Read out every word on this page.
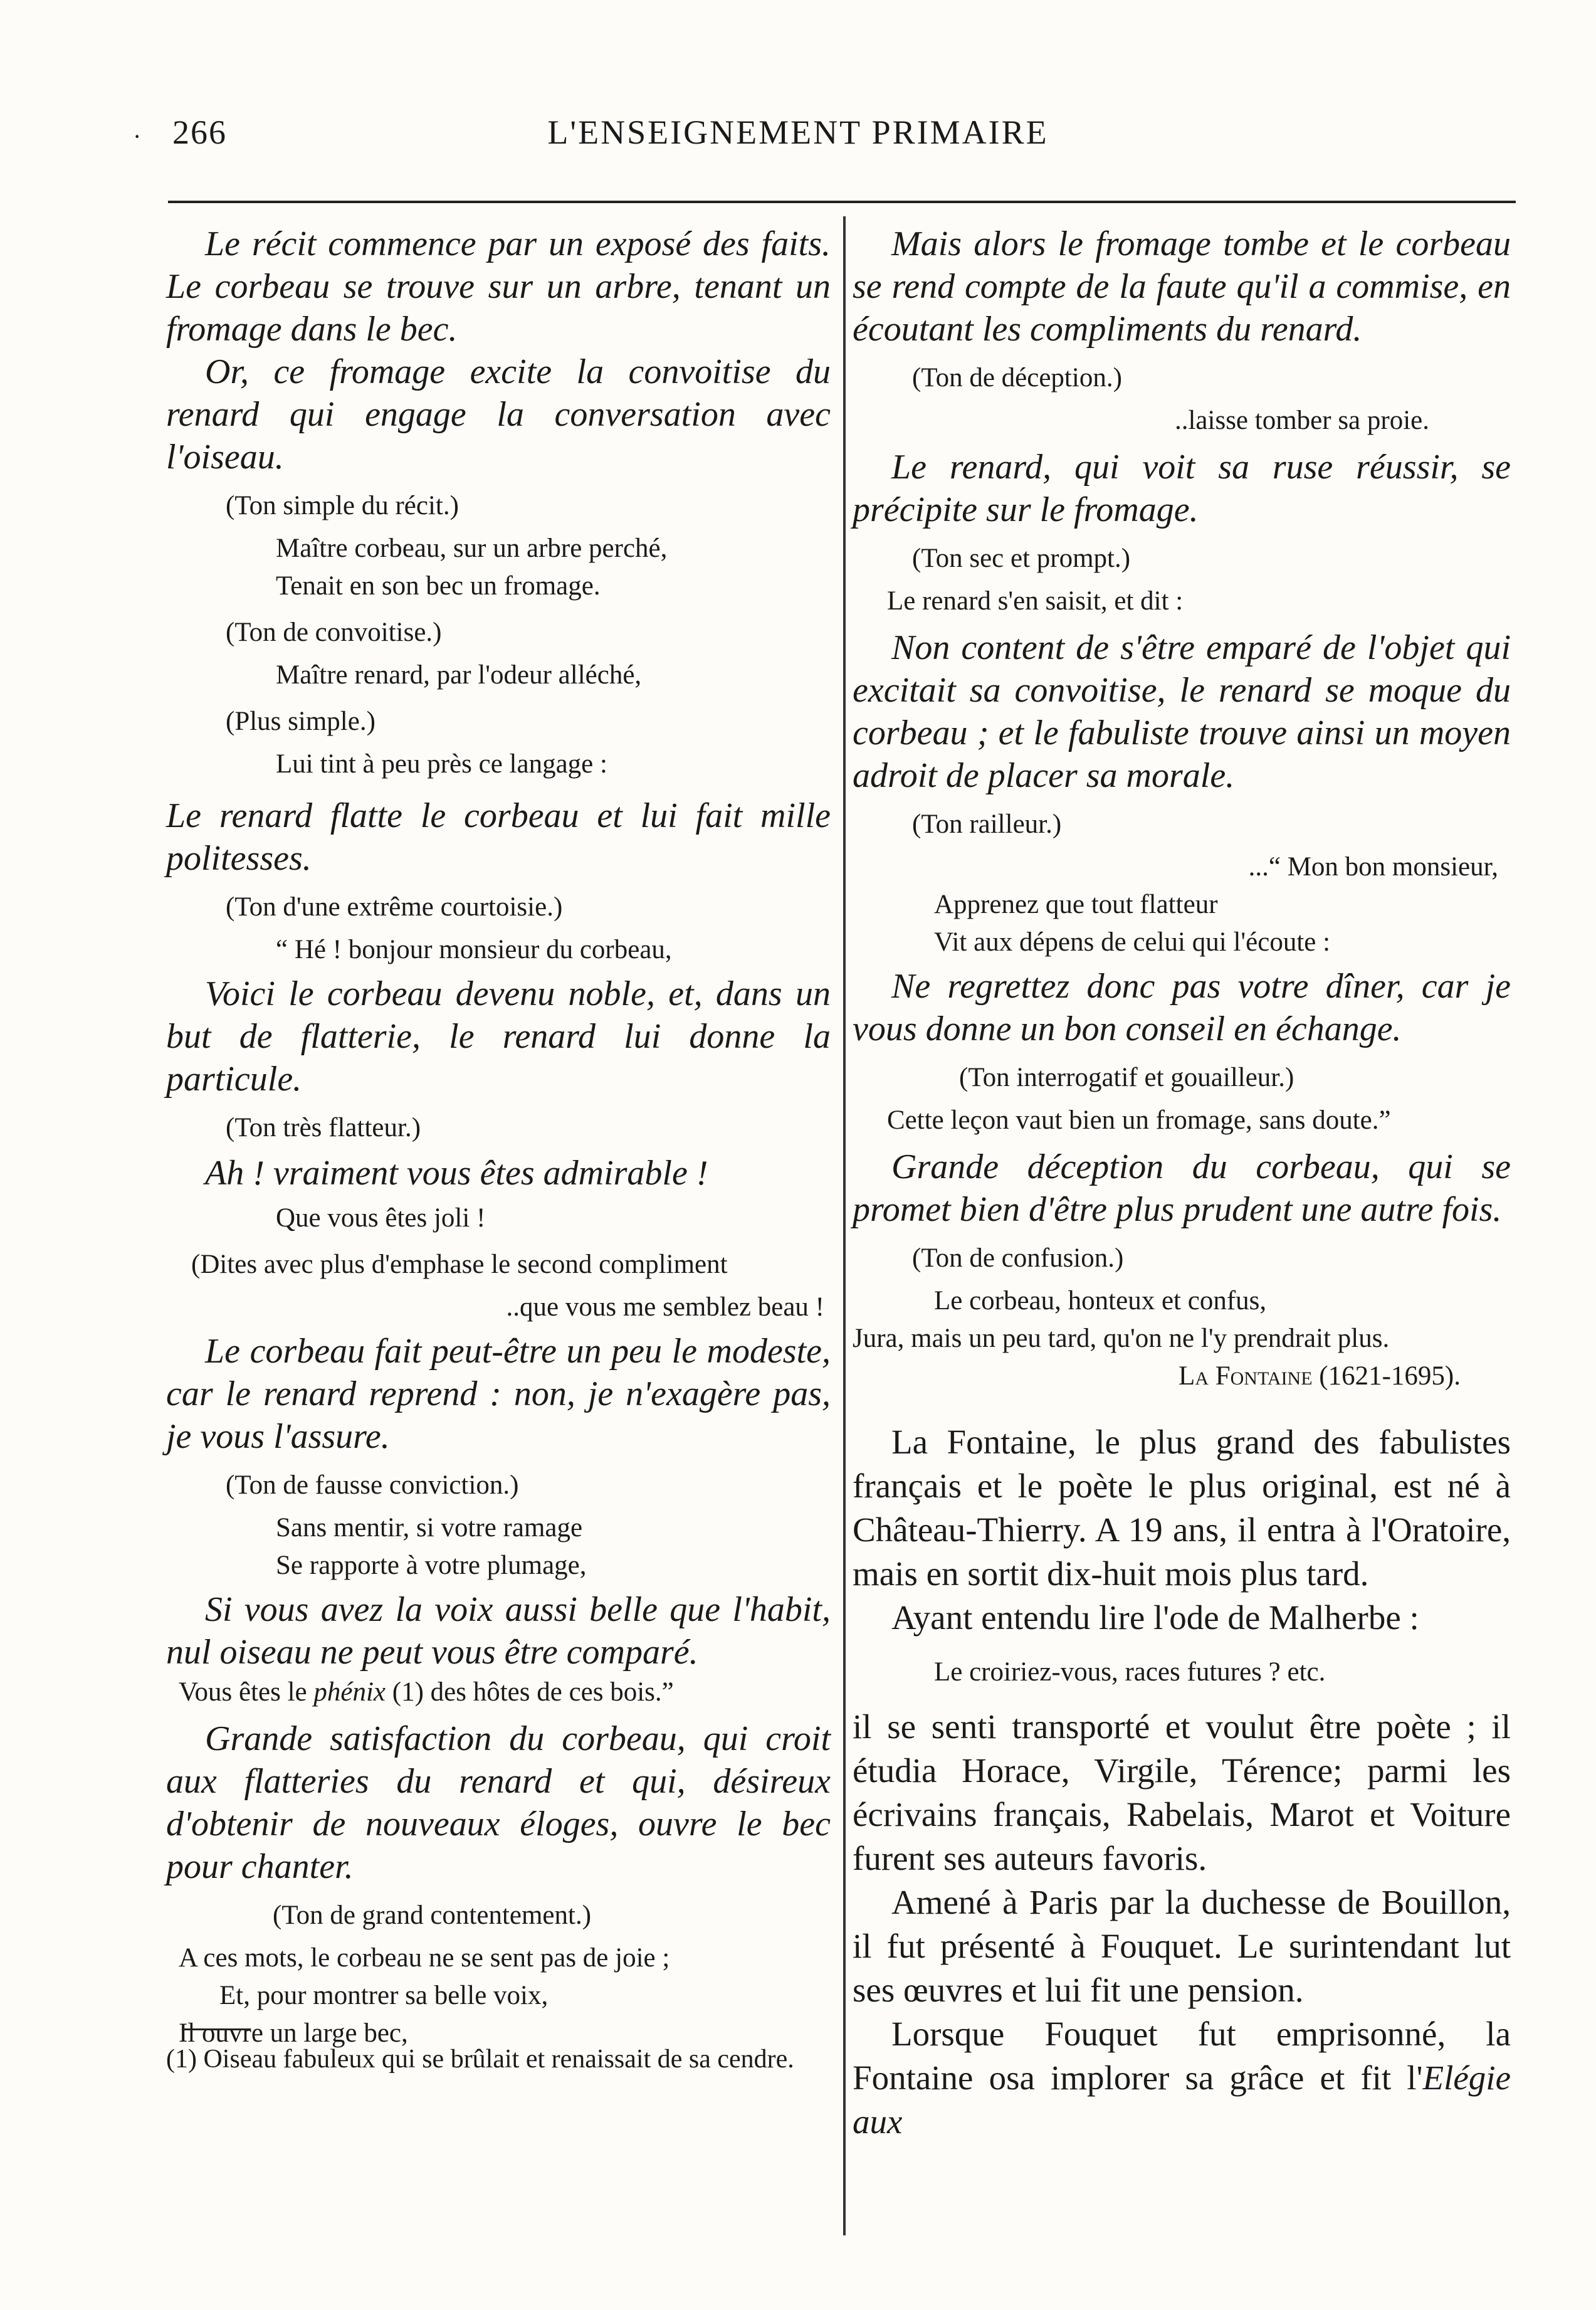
· 266	L'ENSEIGNEMENT PRIMAIRE

Le récit commence par un exposé des faits. Le corbeau se trouve sur un arbre, tenant un fromage dans le bec.

Or, ce fromage excite la convoitise du renard qui engage la conversation avec l'oiseau.

(Ton simple du récit.)
Maître corbeau, sur un arbre perché,
Tenait en son bec un fromage.
(Ton de convoitise.)
Maître renard, par l'odeur alléché,
(Plus simple.)
Lui tint à peu près ce langage :

Le renard flatte le corbeau et lui fait mille politesses.

(Ton d'une extrême courtoisie.)
“ Hé ! bonjour monsieur du corbeau,

Voici le corbeau devenu noble, et, dans un but de flatterie, le renard lui donne la particule.

(Ton très flatteur.)

Ah ! vraiment vous êtes admirable !

Que vous êtes joli !
(Dites avec plus d'emphase le second compliment
..que vous me semblez beau !

Le corbeau fait peut-être un peu le modeste, car le renard reprend : non, je n'exagère pas, je vous l'assure.

(Ton de fausse conviction.)
Sans mentir, si votre ramage
Se rapporte à votre plumage,

Si vous avez la voix aussi belle que l'habit, nul oiseau ne peut vous être comparé.

Vous êtes le phénix (1) des hôtes de ces bois.”

Grande satisfaction du corbeau, qui croit aux flatteries du renard et qui, désireux d'obtenir de nouveaux éloges, ouvre le bec pour chanter.

(Ton de grand contentement.)
A ces mots, le corbeau ne se sent pas de joie ;
Et, pour montrer sa belle voix,
Il ouvre un large bec,

(1) Oiseau fabuleux qui se brûlait et renaissait de sa cendre.

Mais alors le fromage tombe et le corbeau se rend compte de la faute qu'il a commise, en écoutant les compliments du renard.

(Ton de déception.)
..laisse tomber sa proie.

Le renard, qui voit sa ruse réussir, se précipite sur le fromage.

(Ton sec et prompt.)
Le renard s'en saisit, et dit :

Non content de s'être emparé de l'objet qui excitait sa convoitise, le renard se moque du corbeau ; et le fabuliste trouve ainsi un moyen adroit de placer sa morale.

(Ton railleur.)
...“ Mon bon monsieur,
Apprenez que tout flatteur
Vit aux dépens de celui qui l'écoute :

Ne regrettez donc pas votre dîner, car je vous donne un bon conseil en échange.

(Ton interrogatif et gouailleur.)
Cette leçon vaut bien un fromage, sans doute.”

Grande déception du corbeau, qui se promet bien d'être plus prudent une autre fois.

(Ton de confusion.)
Le corbeau, honteux et confus,
Jura, mais un peu tard, qu'on ne l'y prendrait plus.
La Fontaine (1621-1695).

La Fontaine, le plus grand des fabulistes français et le poète le plus original, est né à Château-Thierry. A 19 ans, il entra à l'Oratoire, mais en sortit dix-huit mois plus tard.

Ayant entendu lire l'ode de Malherbe :

Le croiriez-vous, races futures ? etc.

il se senti transporté et voulut être poète ; il étudia Horace, Virgile, Térence; parmi les écrivains français, Rabelais, Marot et Voiture furent ses auteurs favoris.

Amené à Paris par la duchesse de Bouillon, il fut présenté à Fouquet. Le surintendant lut ses œuvres et lui fit une pension.

Lorsque Fouquet fut emprisonné, la Fontaine osa implorer sa grâce et fit l'Elégie aux
